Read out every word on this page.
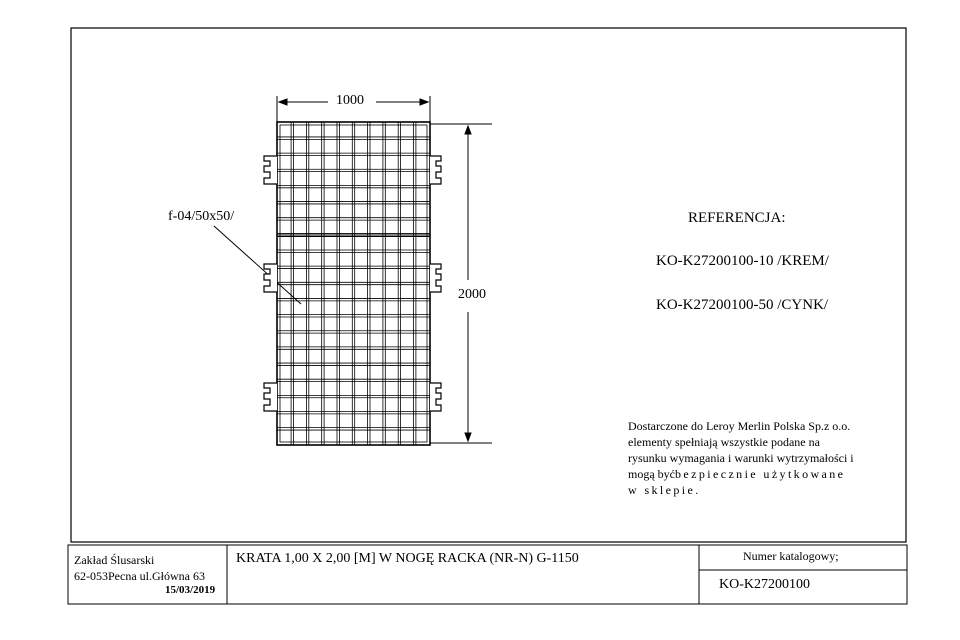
1000
2000
f-04/50x50/	REFERENCJA:
KO-K27200100-10 /KREM/
KO-K27200100-50 /CYNK/
Dostarczone do Leroy Merlin Polska Sp.z o.o.
elementy spełniają wszystkie podane na
rysunku wymagania i warunki wytrzymałości i
mogą byćbezpiecznie użytkowane
w sklepie.
Zakład Ślusarski
62-053Pecna ul.Główna 63
15/03/2019
KRATA 1,00 X 2,00 [M] W NOGĘ RACKA (NR-N) G-1150	Numer katalogowy;
KO-K27200100
